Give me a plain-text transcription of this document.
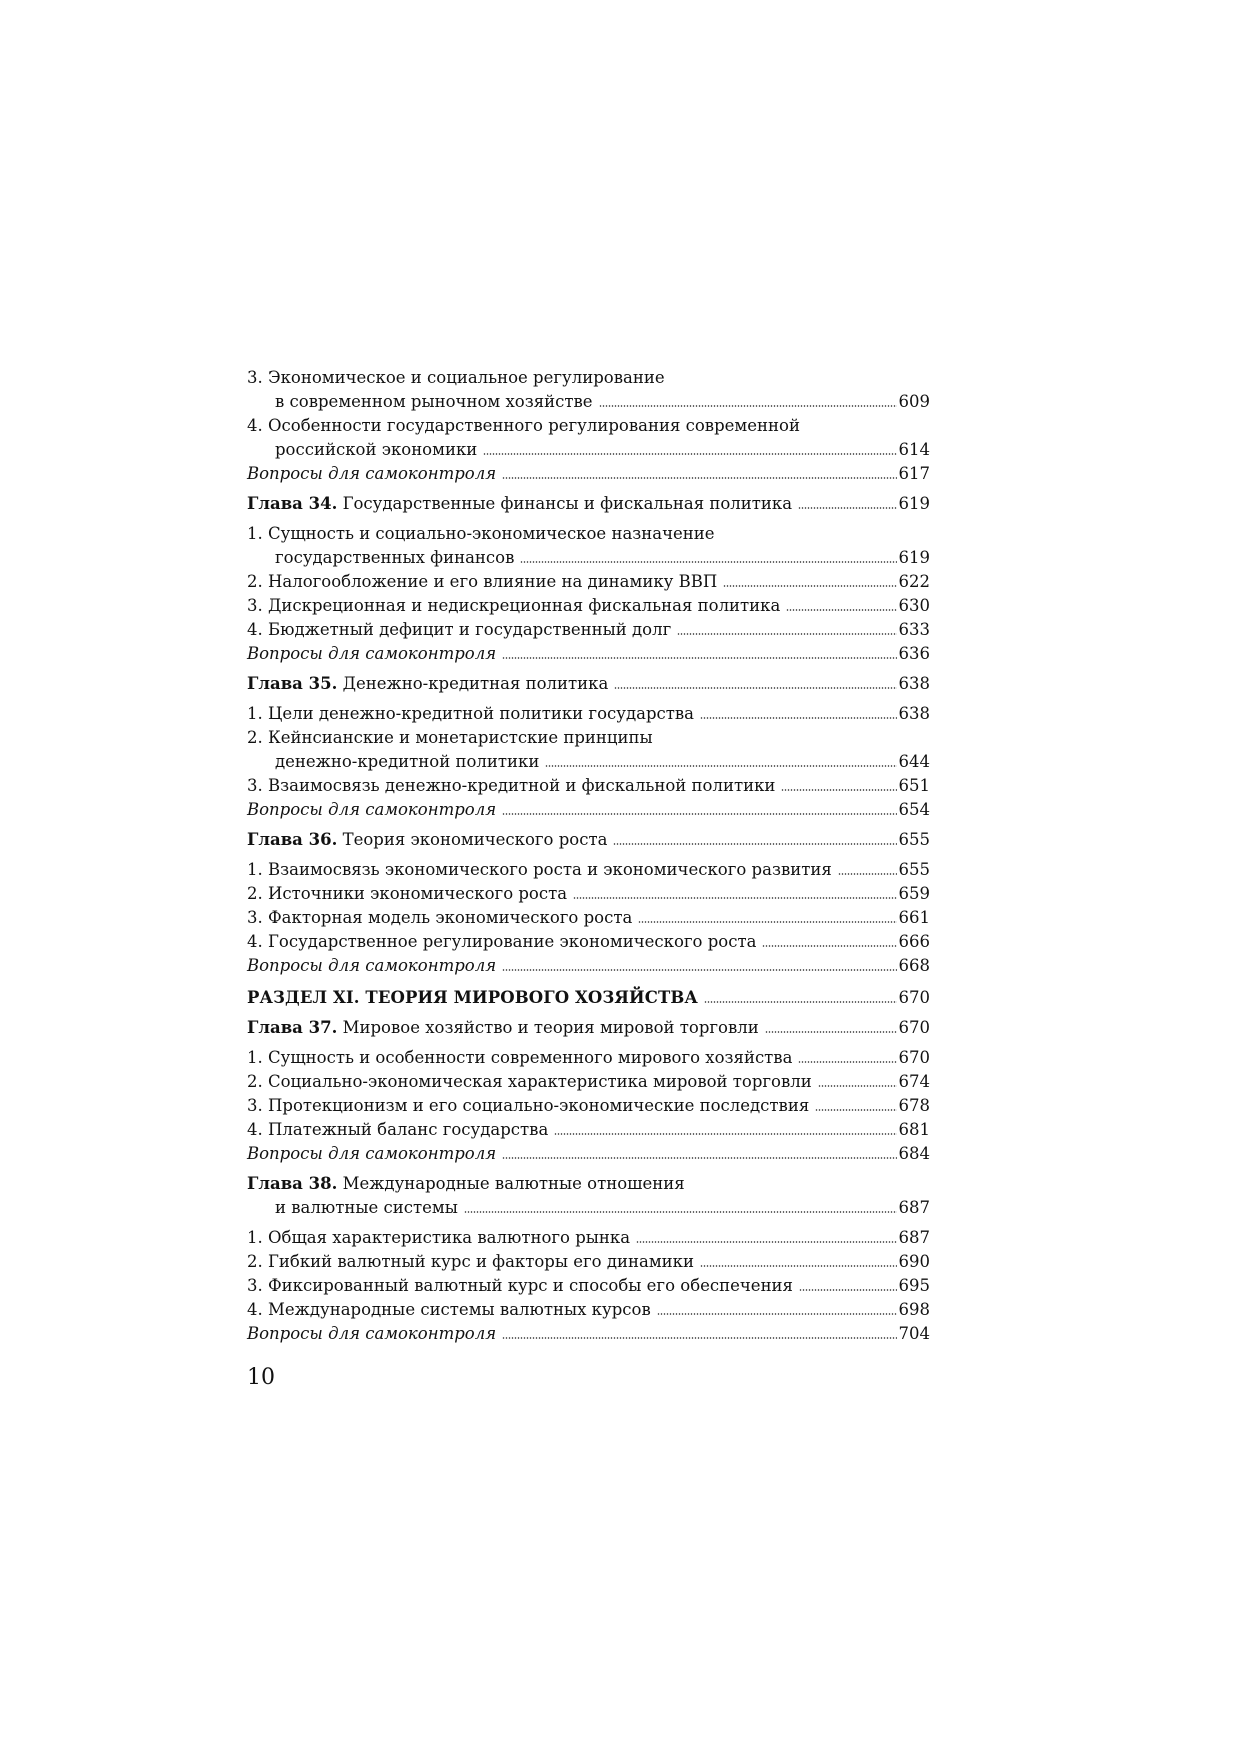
3. Экономическое и социальное регулирование
в современном рыночном хозяйстве	609
4. Особенности государственного регулирования современной
российской экономики	614
Вопросы для самоконтроля	617
Глава 34. Государственные финансы и фискальная политика	619
1. Сущность и социально-экономическое назначение
государственных финансов	619
2. Налогообложение и его влияние на динамику ВВП	622
3. Дискреционная и недискреционная фискальная политика	630
4. Бюджетный дефицит и государственный долг	633
Вопросы для самоконтроля	636
Глава 35. Денежно-кредитная политика	638
1. Цели денежно-кредитной политики государства	638
2. Кейнсианские и монетаристские принципы
денежно-кредитной политики	644
3. Взаимосвязь денежно-кредитной и фискальной политики	651
Вопросы для самоконтроля	654
Глава 36. Теория экономического роста	655
1. Взаимосвязь экономического роста и экономического развития	655
2. Источники экономического роста	659
3. Факторная модель экономического роста	661
4. Государственное регулирование экономического роста	666
Вопросы для самоконтроля	668
РАЗДЕЛ XI. ТЕОРИЯ МИРОВОГО ХОЗЯЙСТВА	670
Глава 37. Мировое хозяйство и теория мировой торговли	670
1. Сущность и особенности современного мирового хозяйства	670
2. Социально-экономическая характеристика мировой торговли	674
3. Протекционизм и его социально-экономические последствия	678
4. Платежный баланс государства	681
Вопросы для самоконтроля	684
Глава 38. Международные валютные отношения
и валютные системы	687
1. Общая характеристика валютного рынка	687
2. Гибкий валютный курс и факторы его динамики	690
3. Фиксированный валютный курс и способы его обеспечения	695
4. Международные системы валютных курсов	698
Вопросы для самоконтроля	704
10
